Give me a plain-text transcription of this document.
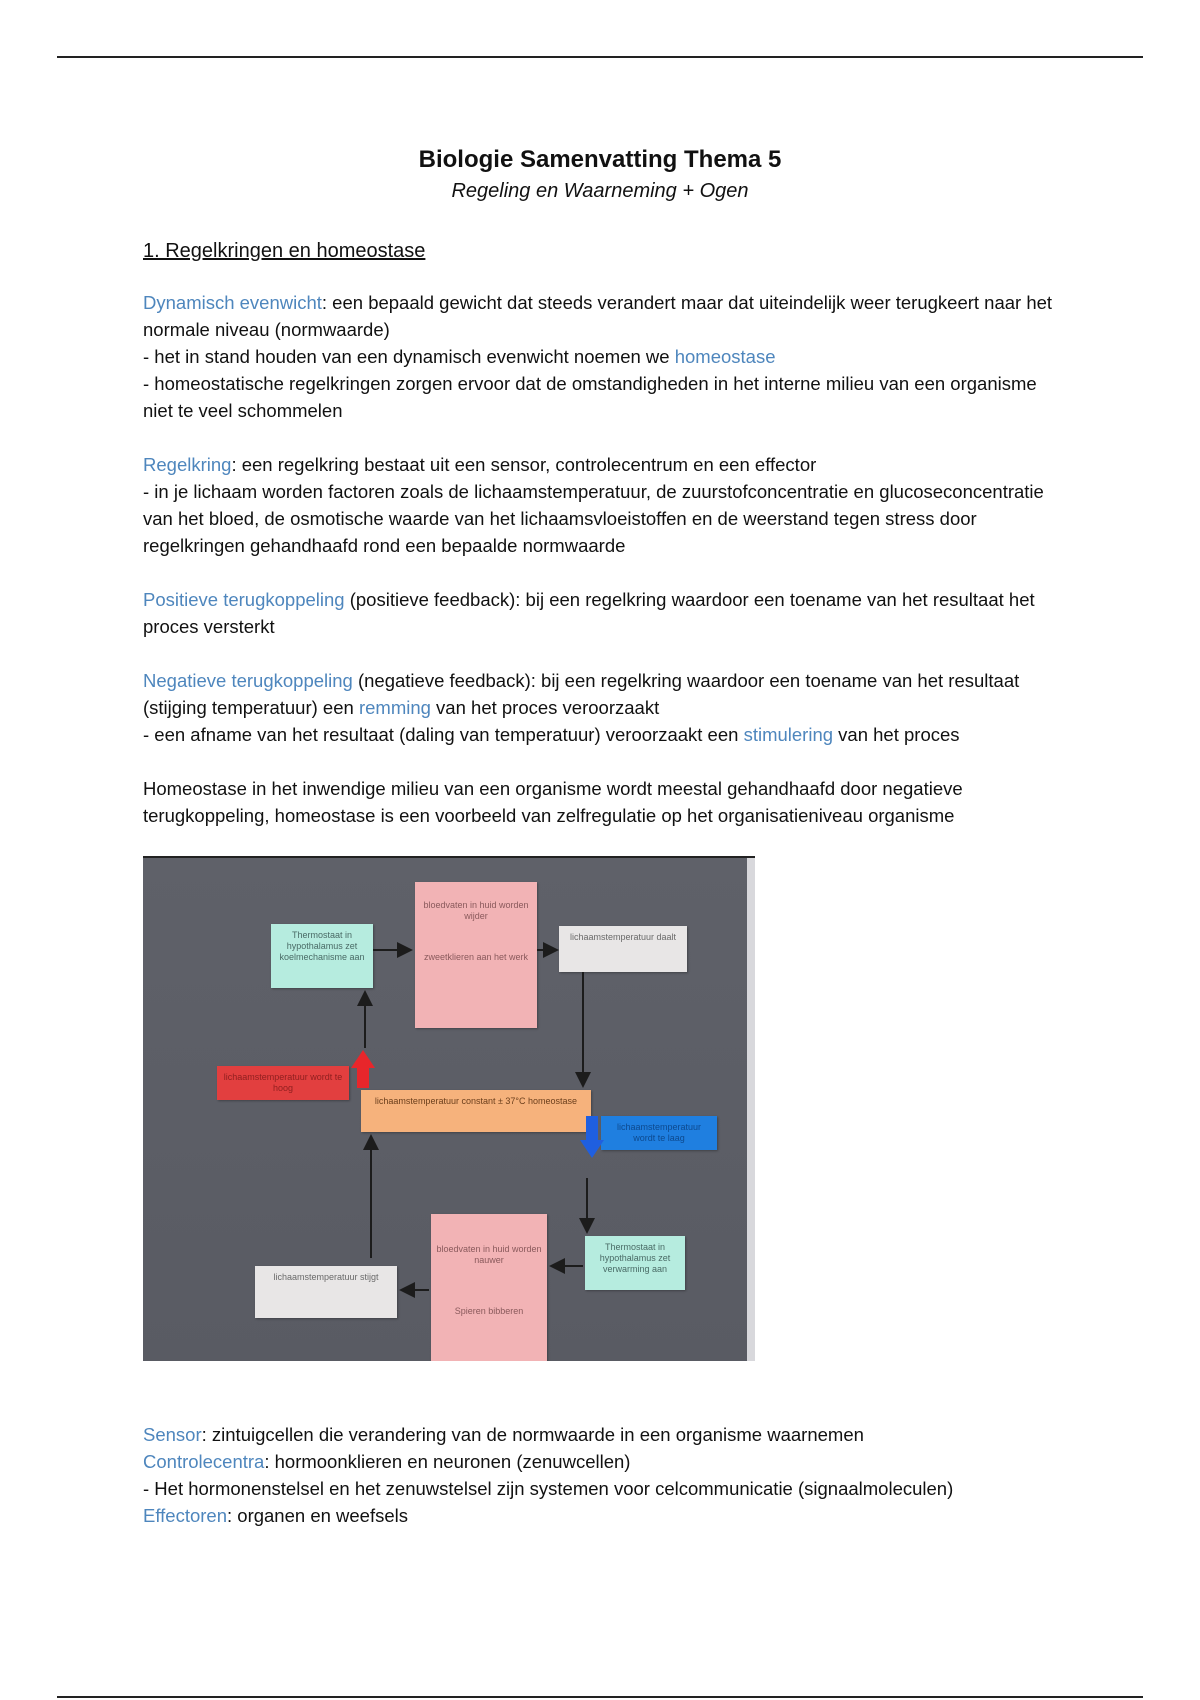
Biologie Samenvatting Thema 5
Regeling en Waarneming + Ogen
1. Regelkringen en homeostase
Dynamisch evenwicht: een bepaald gewicht dat steeds verandert maar dat uiteindelijk weer terugkeert naar het normale niveau (normwaarde)
- het in stand houden van een dynamisch evenwicht noemen we homeostase
- homeostatische regelkringen zorgen ervoor dat de omstandigheden in het interne milieu van een organisme niet te veel schommelen
Regelkring: een regelkring bestaat uit een sensor, controlecentrum en een effector
- in je lichaam worden factoren zoals de lichaamstemperatuur, de zuurstofconcentratie en glucoseconcentratie van het bloed, de osmotische waarde van het lichaamsvloeistoffen en de weerstand tegen stress door regelkringen gehandhaafd rond een bepaalde normwaarde
Positieve terugkoppeling (positieve feedback): bij een regelkring waardoor een toename van het resultaat het proces versterkt
Negatieve terugkoppeling (negatieve feedback): bij een regelkring waardoor een toename van het resultaat (stijging temperatuur) een remming van het proces veroorzaakt
- een afname van het resultaat (daling van temperatuur) veroorzaakt een stimulering van het proces
Homeostase in het inwendige milieu van een organisme wordt meestal gehandhaafd door negatieve terugkoppeling, homeostase is een voorbeeld van zelfregulatie op het organisatieniveau organisme
Thermostaat in hypothalamus zet koelmechanisme aan
bloedvaten in huid worden wijder
zweetklieren aan het werk
lichaamstemperatuur daalt
lichaamstemperatuur wordt te hoog
lichaamstemperatuur constant ± 37°C homeostase
lichaamstemperatuur wordt te laag
Thermostaat in hypothalamus zet verwarming aan
bloedvaten in huid worden nauwer
Spieren bibberen
lichaamstemperatuur stijgt
Sensor: zintuigcellen die verandering van de normwaarde in een organisme waarnemen
Controlecentra: hormoonklieren en neuronen (zenuwcellen)
- Het hormonenstelsel en het zenuwstelsel zijn systemen voor celcommunicatie (signaalmoleculen)
Effectoren: organen en weefsels
